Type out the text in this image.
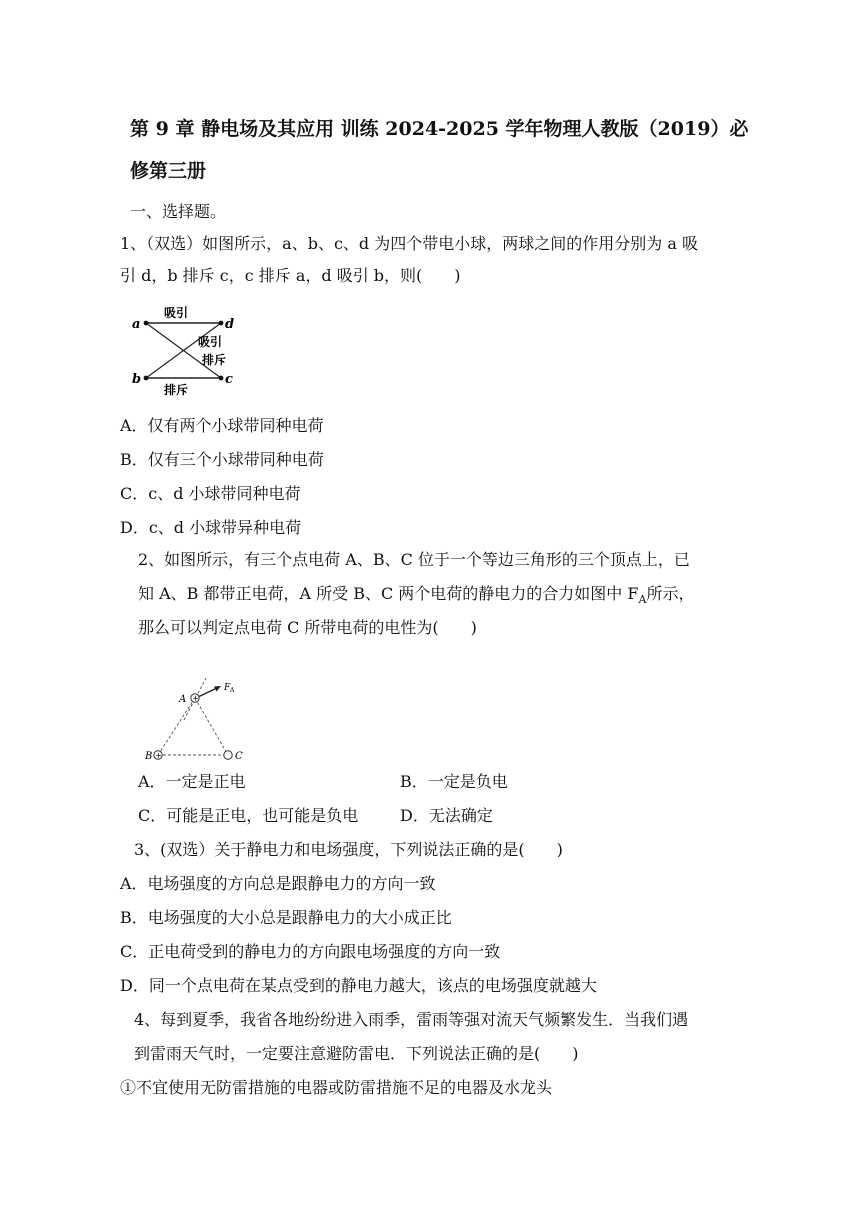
第 9 章 静电场及其应用 训练 2024-2025 学年物理人教版（2019）必
修第三册
一、选择题。
1、（双选）如图所示，a、b、c、d 为四个带电小球，两球之间的作用分别为 a 吸
引 d，b 排斥 c，c 排斥 a，d 吸引 b，则(　　)
a	d
b	c
吸引
吸引
排斥
排斥
A．仅有两个小球带同种电荷
B．仅有三个小球带同种电荷
C．c、d 小球带同种电荷
D．c、d 小球带异种电荷
2、如图所示，有三个点电荷 A、B、C 位于一个等边三角形的三个顶点上，已
知 A、B 都带正电荷，A 所受 B、C 两个电荷的静电力的合力如图中 $F_A$所示，
那么可以判定点电荷 C 所带电荷的电性为(　　)
+
+
A
B	C
F A
A．一定是正电	B．一定是负电
C．可能是正电，也可能是负电	D．无法确定
3、(双选）关于静电力和电场强度，下列说法正确的是(　　)
A．电场强度的方向总是跟静电力的方向一致
B．电场强度的大小总是跟静电力的大小成正比
C．正电荷受到的静电力的方向跟电场强度的方向一致
D．同一个点电荷在某点受到的静电力越大，该点的电场强度就越大
4、每到夏季，我省各地纷纷进入雨季，雷雨等强对流天气频繁发生．当我们遇
到雷雨天气时，一定要注意避防雷电．下列说法正确的是(　　)
①不宜使用无防雷措施的电器或防雷措施不足的电器及水龙头
